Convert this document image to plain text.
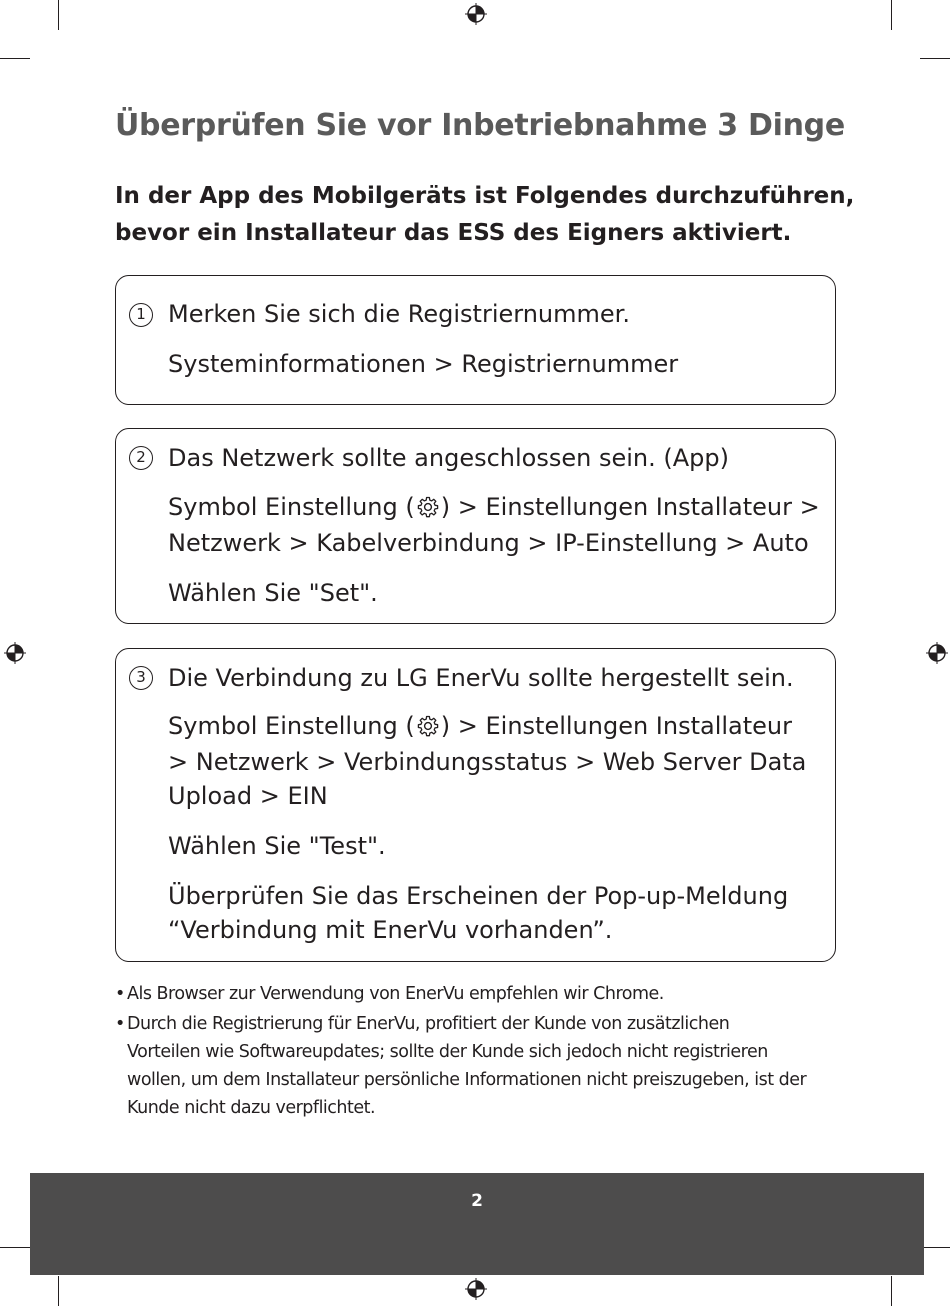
Überprüfen Sie vor Inbetriebnahme 3 Dinge
In der App des Mobilgeräts ist Folgendes durchzuführen,
bevor ein Installateur das ESS des Eigners aktiviert.
1 Merken Sie sich die Registriernummer.
Systeminformationen > Registriernummer
2 Das Netzwerk sollte angeschlossen sein. (App)
Symbol Einstellung ( ) > Einstellungen Installateur >
Netzwerk > Kabelverbindung > IP-Einstellung > Auto
Wählen Sie "Set".
3 Die Verbindung zu LG EnerVu sollte hergestellt sein.
Symbol Einstellung ( ) > Einstellungen Installateur
> Netzwerk > Verbindungsstatus > Web Server Data
Upload > EIN
Wählen Sie "Test".
Überprüfen Sie das Erscheinen der Pop-up-Meldung
“Verbindung mit EnerVu vorhanden”.
• Als Browser zur Verwendung von EnerVu empfehlen wir Chrome.
• Durch die Registrierung für EnerVu, profitiert der Kunde von zusätzlichen
Vorteilen wie Softwareupdates; sollte der Kunde sich jedoch nicht registrieren
wollen, um dem Installateur persönliche Informationen nicht preiszugeben, ist der
Kunde nicht dazu verpflichtet.
2
